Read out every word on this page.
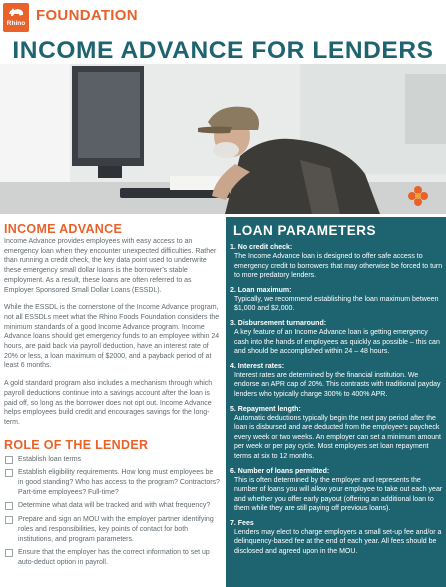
Rhino FOUNDATION
INCOME ADVANCE FOR LENDERS
INCOME ADVANCE

Income Advance provides employees with easy access to an emergency loan when they encounter unexpected difficulties. Rather than running a credit check, the key data point used to underwrite these emergency small dollar loans is the borrower’s stable employment. As a result, these loans are often referred to as Employer Sponsored Small Dollar Loans (ESSDL).

While the ESSDL is the cornerstone of the Income Advance program, not all ESSDLs meet what the Rhino Foods Foundation considers the minimum standards of a good Income Advance program. Income Advance loans should get emergency funds to an employee within 24 hours, are paid back via payroll deduction, have an interest rate of 20% or less, a loan maximum of $2000, and a payback period of at least 6 months.

A gold standard program also includes a mechanism through which payroll deductions continue into a savings account after the loan is paid off, so long as the borrower does not opt out. Income Advance helps employees build credit and encourages savings for the long-term.

ROLE OF THE LENDER
Establish loan terms
Establish eligibility requirements. How long must employees be in good standing? Who has access to the program? Contractors? Part-time employees? Full-time?
Determine what data will be tracked and with what frequency?
Prepare and sign an MOU with the employer partner identifying roles and responsibilities, key points of contact for both institutions, and program parameters.
Ensure that the employer has the correct information to set up auto-deduct option in payroll.
LOAN PARAMETERS

1. No credit check:

The Income Advance loan is designed to offer safe access to emergency credit to borrowers that may otherwise be forced to turn to more predatory lenders.

2. Loan maximum:

Typically, we recommend establishing the loan maximum between $1,000 and $2,000.

3. Disbursement turnaround:

A key feature of an Income Advance loan is getting emergency cash into the hands of employees as quickly as possible – this can and should be accomplished within 24 – 48 hours.

4. Interest rates:

Interest rates are determined by the financial institution. We endorse an APR cap of 20%. This contrasts with traditional payday lenders who typically charge 300% to 400% APR.

5. Repayment length:

Automatic deductions typically begin the next pay period after the loan is disbursed and are deducted from the employee’s paycheck every week or two weeks. An employer can set a minimum amount per week or per pay cycle. Most employers set loan repayment terms at six to 12 months.

6. Number of loans permitted:

This is often determined by the employer and represents the number of loans you will allow your employee to take out each year and whether you offer early payout (offering an additional loan to them while they are still paying off previous loans).

7. Fees

Lenders may elect to charge employers a small set-up fee and/or a delinquency-based fee at the end of each year. All fees should be disclosed and agreed upon in the MOU.
